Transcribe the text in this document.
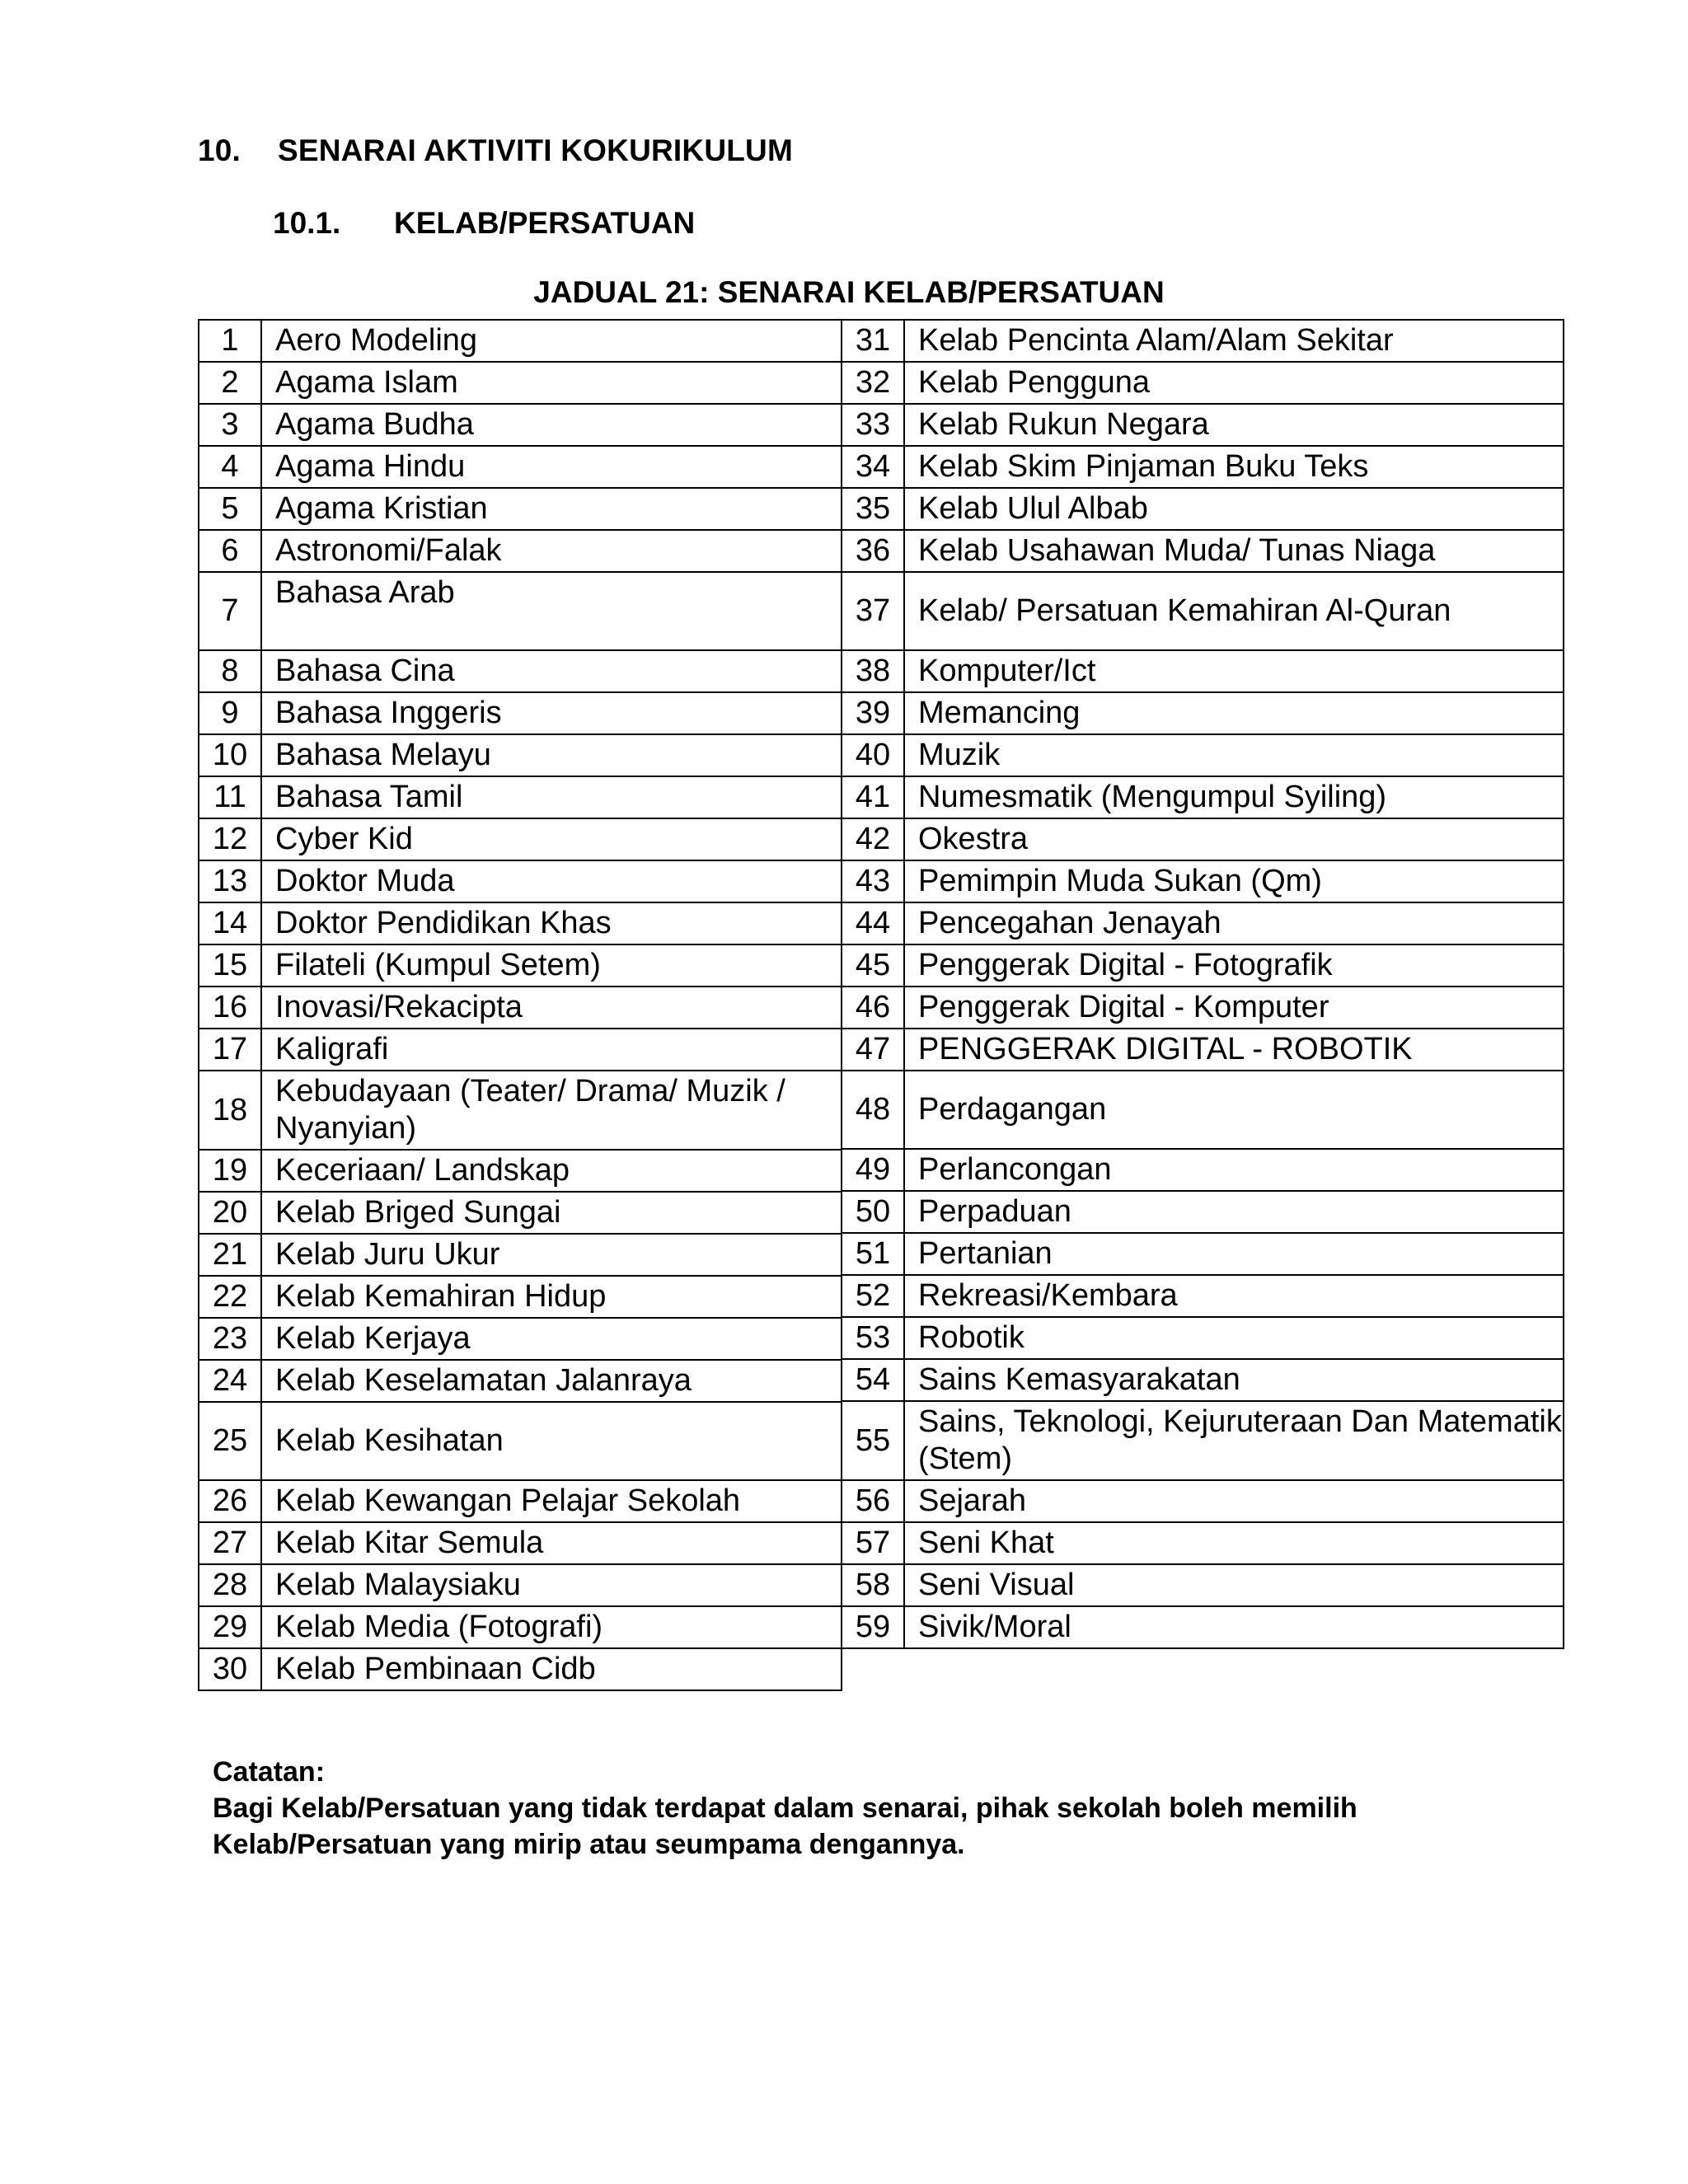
10.	SENARAI AKTIVITI KOKURIKULUM
10.1.	KELAB/PERSATUAN
JADUAL 21: SENARAI KELAB/PERSATUAN
1	Aero Modeling
2	Agama Islam
3	Agama Budha
4	Agama Hindu
5	Agama Kristian
6	Astronomi/Falak
7	Bahasa Arab
8	Bahasa Cina
9	Bahasa Inggeris
10	Bahasa Melayu
11	Bahasa Tamil
12	Cyber Kid
13	Doktor Muda
14	Doktor Pendidikan Khas
15	Filateli (Kumpul Setem)
16	Inovasi/Rekacipta
17	Kaligrafi
18	Kebudayaan (Teater/ Drama/ Muzik / Nyanyian)
19	Keceriaan/ Landskap
20	Kelab Briged Sungai
21	Kelab Juru Ukur
22	Kelab Kemahiran Hidup
23	Kelab Kerjaya
24	Kelab Keselamatan Jalanraya
25	Kelab Kesihatan
26	Kelab Kewangan Pelajar Sekolah
27	Kelab Kitar Semula
28	Kelab Malaysiaku
29	Kelab Media (Fotografi)
30	Kelab Pembinaan Cidb
31	Kelab Pencinta Alam/Alam Sekitar
32	Kelab Pengguna
33	Kelab Rukun Negara
34	Kelab Skim Pinjaman Buku Teks
35	Kelab Ulul Albab
36	Kelab Usahawan Muda/ Tunas Niaga
37	Kelab/ Persatuan Kemahiran Al-Quran
38	Komputer/Ict
39	Memancing
40	Muzik
41	Numesmatik (Mengumpul Syiling)
42	Okestra
43	Pemimpin Muda Sukan (Qm)
44	Pencegahan Jenayah
45	Penggerak Digital - Fotografik
46	Penggerak Digital - Komputer
47	PENGGERAK DIGITAL - ROBOTIK
48	Perdagangan
49	Perlancongan
50	Perpaduan
51	Pertanian
52	Rekreasi/Kembara
53	Robotik
54	Sains Kemasyarakatan
55	Sains, Teknologi, Kejuruteraan Dan Matematik (Stem)
56	Sejarah
57	Seni Khat
58	Seni Visual
59	Sivik/Moral
Catatan:
Bagi Kelab/Persatuan yang tidak terdapat dalam senarai, pihak sekolah boleh memilih Kelab/Persatuan yang mirip atau seumpama dengannya.
